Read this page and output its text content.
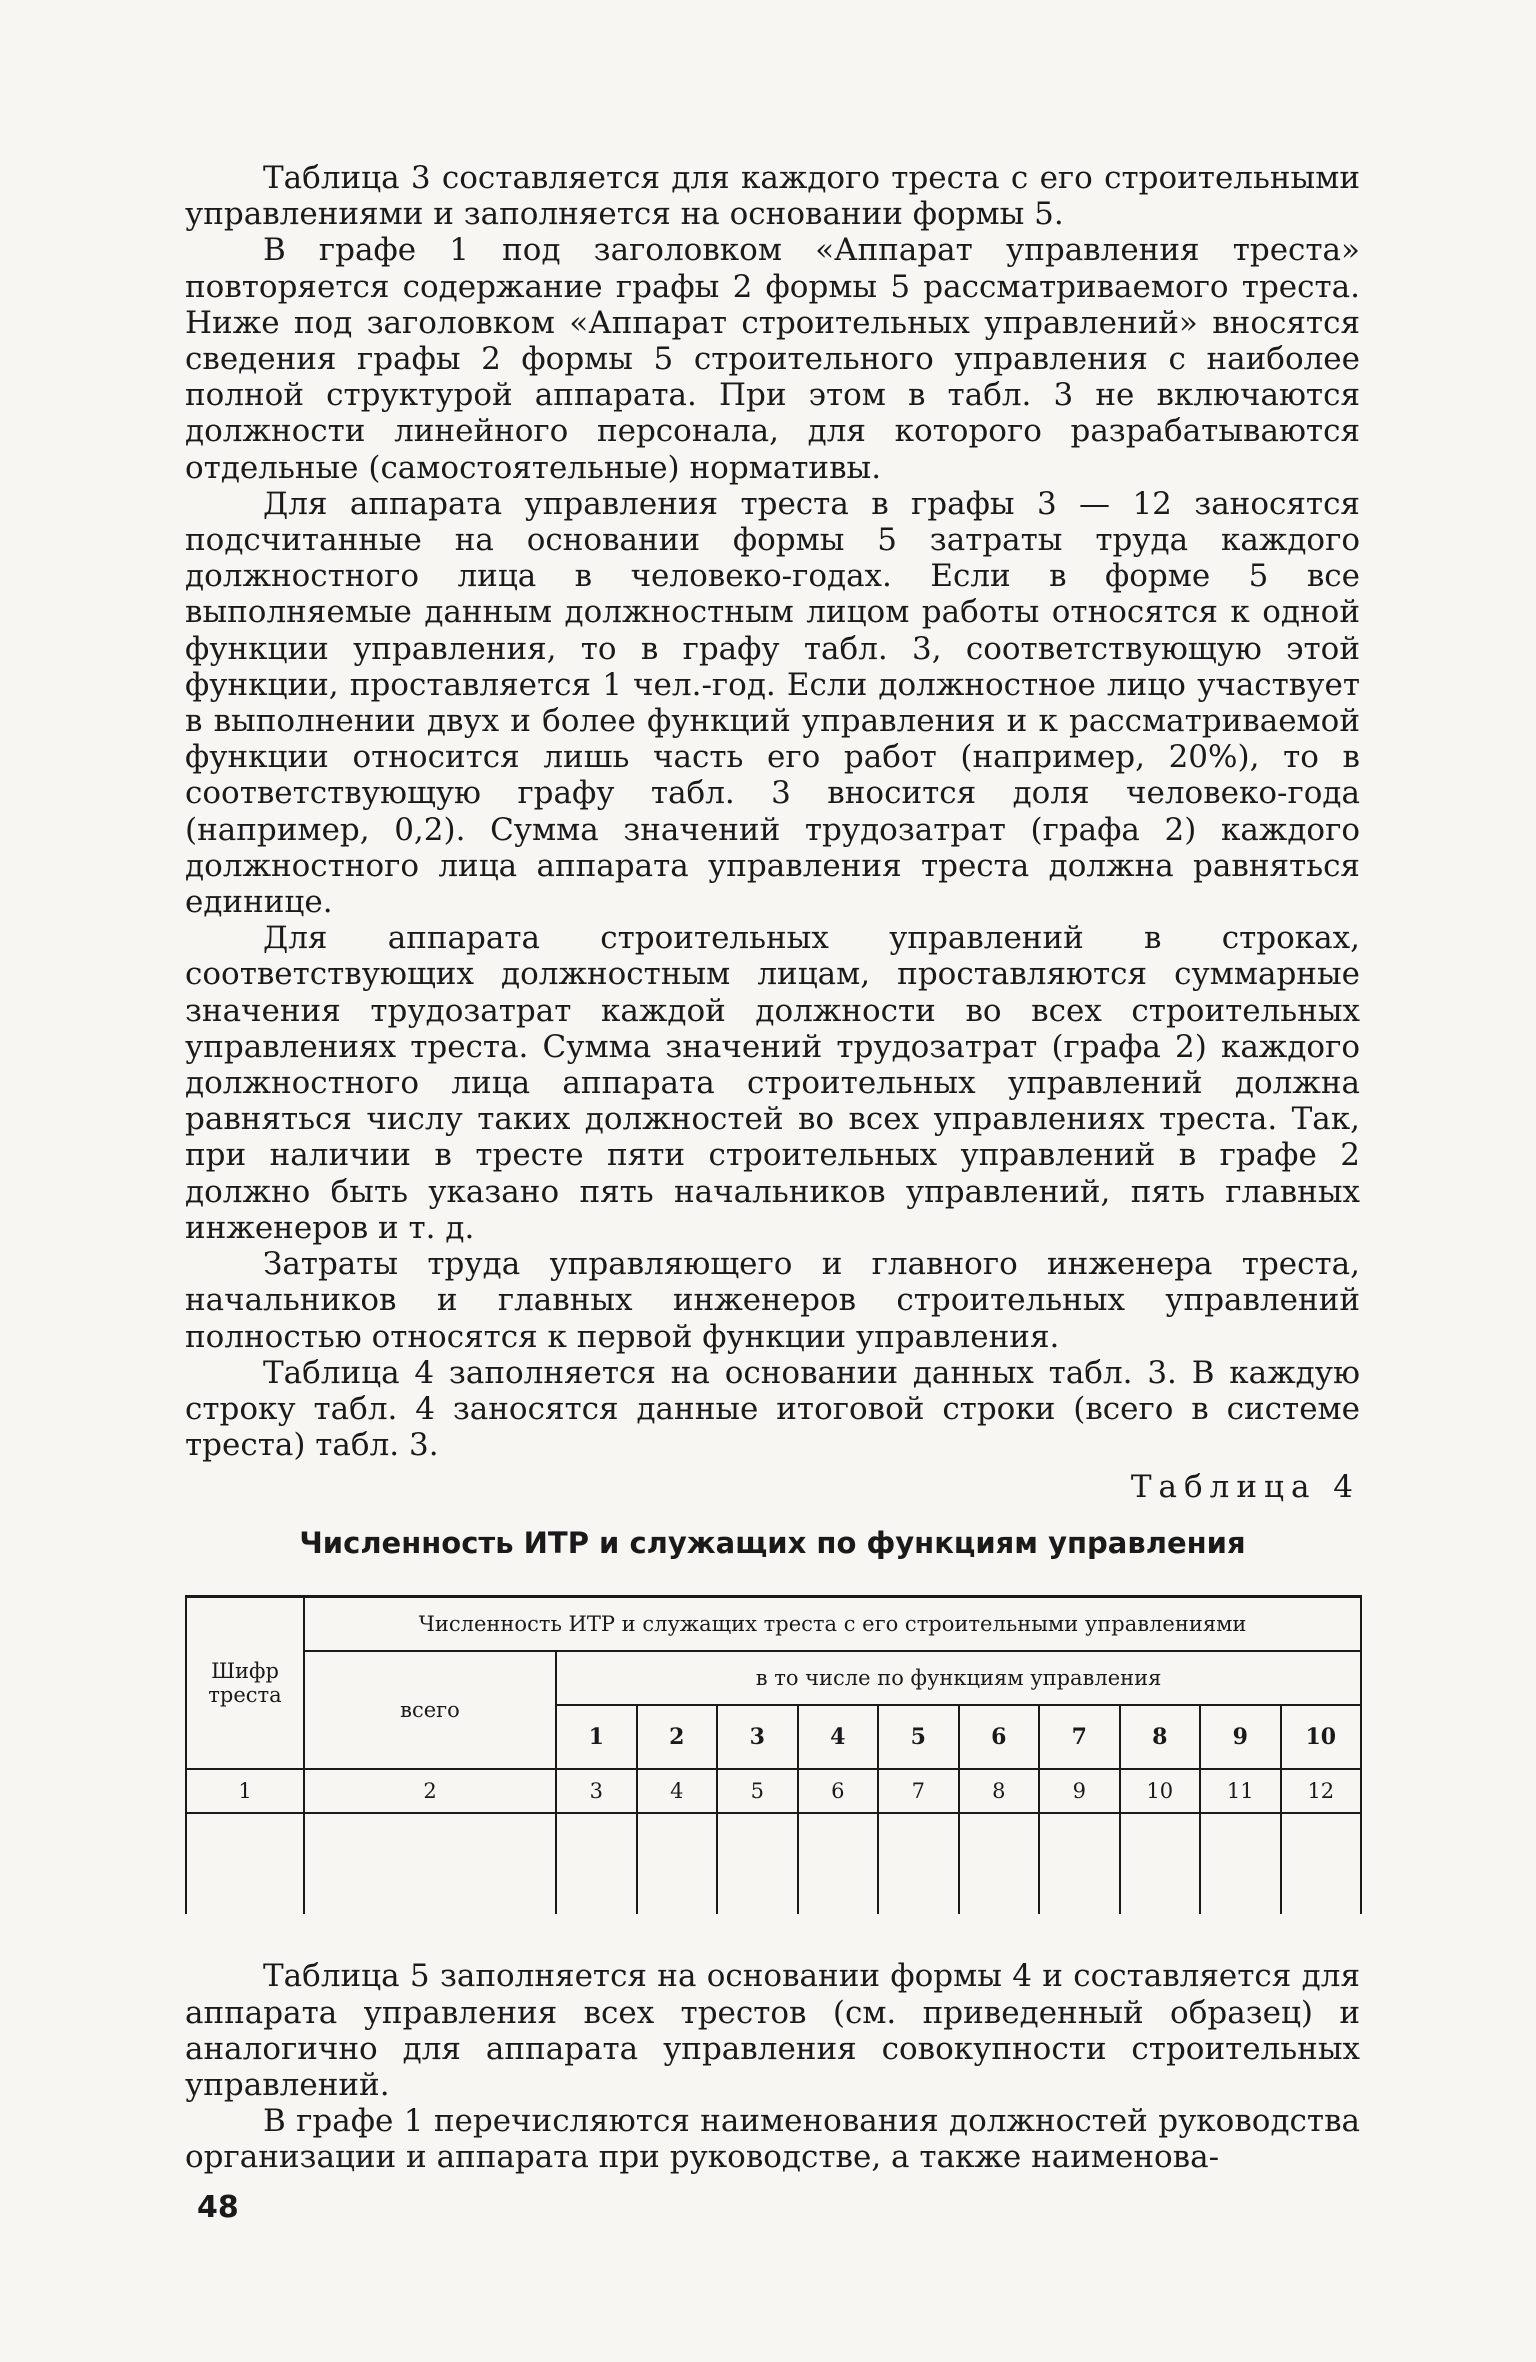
Таблица 3 составляется для каждого треста с его строительными управлениями и заполняется на основании формы 5.

В графе 1 под заголовком «Аппарат управления треста» повторяется содержание графы 2 формы 5 рассматриваемого треста. Ниже под заголовком «Аппарат строительных управлений» вносятся сведения графы 2 формы 5 строительного управления с наиболее полной структурой аппарата. При этом в табл. 3 не включаются должности линейного персонала, для которого разрабатываются отдельные (самостоятельные) нормативы.

Для аппарата управления треста в графы 3 — 12 заносятся подсчитанные на основании формы 5 затраты труда каждого должностного лица в человеко-годах. Если в форме 5 все выполняемые данным должностным лицом работы относятся к одной функции управления, то в графу табл. 3, соответствующую этой функции, проставляется 1 чел.-год. Если должностное лицо участвует в выполнении двух и более функций управления и к рассматриваемой функции относится лишь часть его работ (например, 20%), то в соответствующую графу табл. 3 вносится доля человеко-года (например, 0,2). Сумма значений трудозатрат (графа 2) каждого должностного лица аппарата управления треста должна равняться единице.

Для аппарата строительных управлений в строках, соответствующих должностным лицам, проставляются суммарные значения трудозатрат каждой должности во всех строительных управлениях треста. Сумма значений трудозатрат (графа 2) каждого должностного лица аппарата строительных управлений должна равняться числу таких должностей во всех управлениях треста. Так, при наличии в тресте пяти строительных управлений в графе 2 должно быть указано пять начальников управлений, пять главных инженеров и т. д.

Затраты труда управляющего и главного инженера треста, начальников и главных инженеров строительных управлений полностью относятся к первой функции управления.

Таблица 4 заполняется на основании данных табл. 3. В каждую строку табл. 4 заносятся данные итоговой строки (всего в системе треста) табл. 3.

Таблица 4
Численность ИТР и служащих по функциям управления
Шифр треста	Численность ИТР и служащих треста с его строительными управлениями										
	всего	в то числе по функциям управления									
		1	2	3	4	5	6	7	8	9	10
1	2	3	4	5	6	7	8	9	10	11	12

Таблица 5 заполняется на основании формы 4 и составляется для аппарата управления всех трестов (см. приведенный образец) и аналогично для аппарата управления совокупности строительных управлений.

В графе 1 перечисляются наименования должностей руководства организации и аппарата при руководстве, а также наименова-

48
